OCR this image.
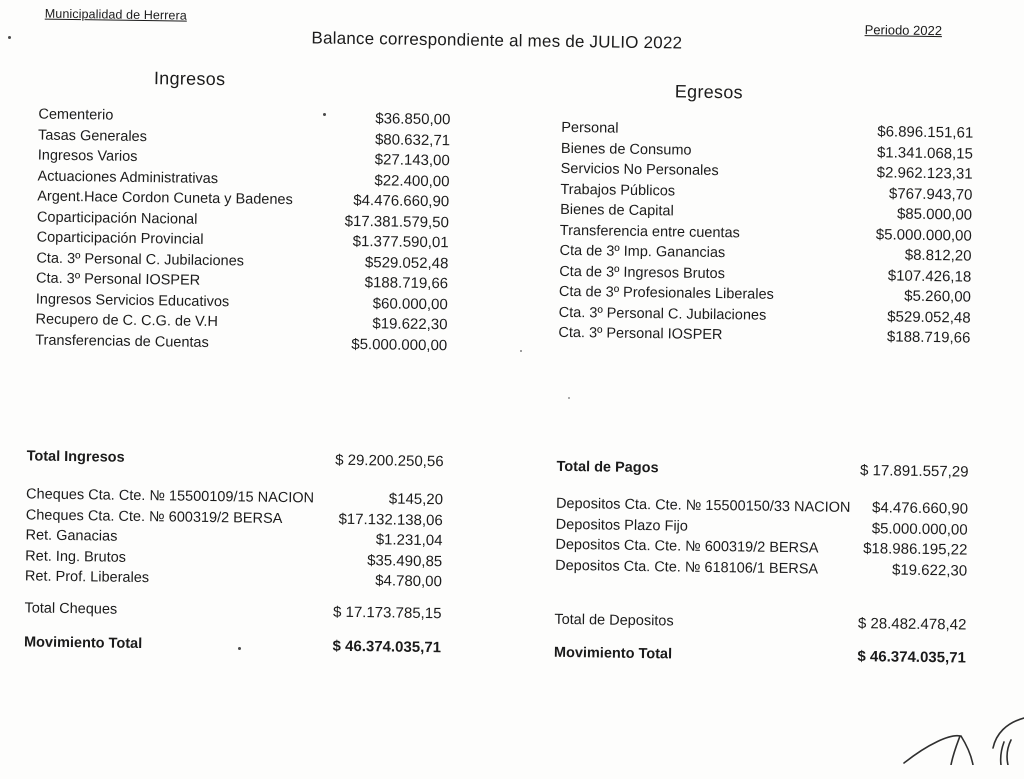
Municipalidad de Herrera
Balance correspondiente al mes de JULIO 2022	Periodo 2022
Ingresos
Egresos
Cementerio	$36.850,00
Tasas Generales	$80.632,71
Ingresos Varios	$27.143,00
Actuaciones Administrativas	$22.400,00
Argent.Hace Cordon Cuneta y Badenes	$4.476.660,90
Coparticipación Nacional	$17.381.579,50
Coparticipación Provincial	$1.377.590,01
Cta. 3º Personal C. Jubilaciones	$529.052,48
Cta. 3º Personal IOSPER	$188.719,66
Ingresos Servicios Educativos	$60.000,00
Recupero de C. C.G. de V.H	$19.622,30
Transferencias de Cuentas	$5.000.000,00
Personal	$6.896.151,61
Bienes de Consumo	$1.341.068,15
Servicios No Personales	$2.962.123,31
Trabajos Públicos	$767.943,70
Bienes de Capital	$85.000,00
Transferencia entre cuentas	$5.000.000,00
Cta de 3º Imp. Ganancias	$8.812,20
Cta de 3º Ingresos Brutos	$107.426,18
Cta de 3º Profesionales Liberales	$5.260,00
Cta. 3º Personal C. Jubilaciones	$529.052,48
Cta. 3º Personal IOSPER	$188.719,66
Total Ingresos	$ 29.200.250,56
Cheques Cta. Cte. № 15500109/15 NACION	$145,20
Cheques Cta. Cte. № 600319/2 BERSA	$17.132.138,06
Ret. Ganacias	$1.231,04
Ret. Ing. Brutos	$35.490,85
Ret. Prof. Liberales	$4.780,00
Total Cheques	$ 17.173.785,15
Movimiento Total	$ 46.374.035,71
Total de Pagos	$ 17.891.557,29
Depositos Cta. Cte. № 15500150/33 NACION $4.476.660,90
Depositos Plazo Fijo	$5.000.000,00
Depositos Cta. Cte. № 600319/2 BERSA	$18.986.195,22
Depositos Cta. Cte. № 618106/1 BERSA	$19.622,30
Total de Depositos	$ 28.482.478,42
Movimiento Total	$ 46.374.035,71
